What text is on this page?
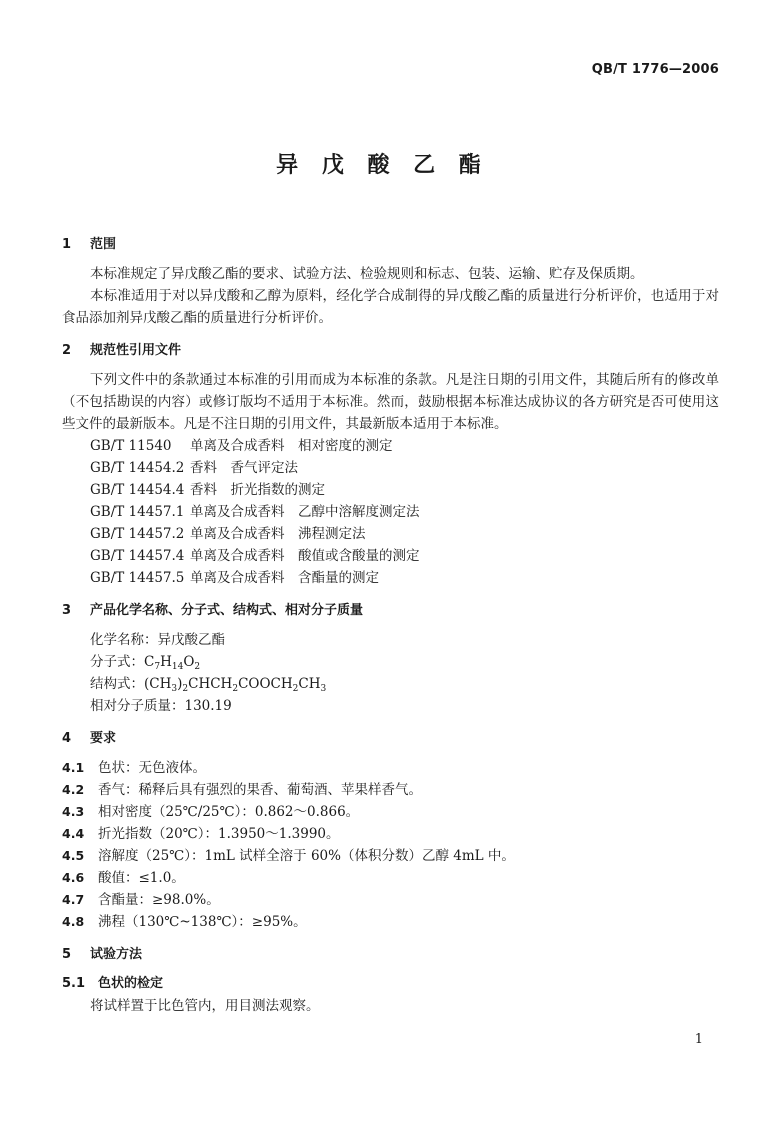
QB/T 1776—2006
异 戊 酸 乙 酯
1 范围

本标准规定了异戊酸乙酯的要求、试验方法、检验规则和标志、包装、运输、贮存及保质期。

本标准适用于对以异戊酸和乙醇为原料，经化学合成制得的异戊酸乙酯的质量进行分析评价，也适用于对食品添加剂异戊酸乙酯的质量进行分析评价。

2 规范性引用文件

下列文件中的条款通过本标准的引用而成为本标准的条款。凡是注日期的引用文件，其随后所有的修改单（不包括勘误的内容）或修订版均不适用于本标准。然而，鼓励根据本标准达成协议的各方研究是否可使用这些文件的最新版本。凡是不注日期的引用文件，其最新版本适用于本标准。

GB/T 11540 单离及合成香料　相对密度的测定
GB/T 14454.2 香料　香气评定法
GB/T 14454.4 香料　折光指数的测定
GB/T 14457.1 单离及合成香料　乙醇中溶解度测定法
GB/T 14457.2 单离及合成香料　沸程测定法
GB/T 14457.4 单离及合成香料　酸值或含酸量的测定
GB/T 14457.5 单离及合成香料　含酯量的测定
3 产品化学名称、分子式、结构式、相对分子质量
化学名称：异戊酸乙酯
分子式：$C_7H_{14}O_2$
结构式：$(CH_3)_2CHCH_2COOCH_2CH_3$
相对分子质量：130.19
4 要求
4.1 色状：无色液体。
4.2 香气：稀释后具有强烈的果香、葡萄酒、苹果样香气。
4.3 相对密度（25℃/25℃）：0.862～0.866。
4.4 折光指数（20℃）：1.3950～1.3990。
4.5 溶解度（25℃）：1mL 试样全溶于 60%（体积分数）乙醇 4mL 中。
4.6 酸值：≤1.0。
4.7 含酯量：≥98.0%。
4.8 沸程（130℃~138℃）：≥95%。
5 试验方法
5.1 色状的检定

将试样置于比色管内，用目测法观察。

1
